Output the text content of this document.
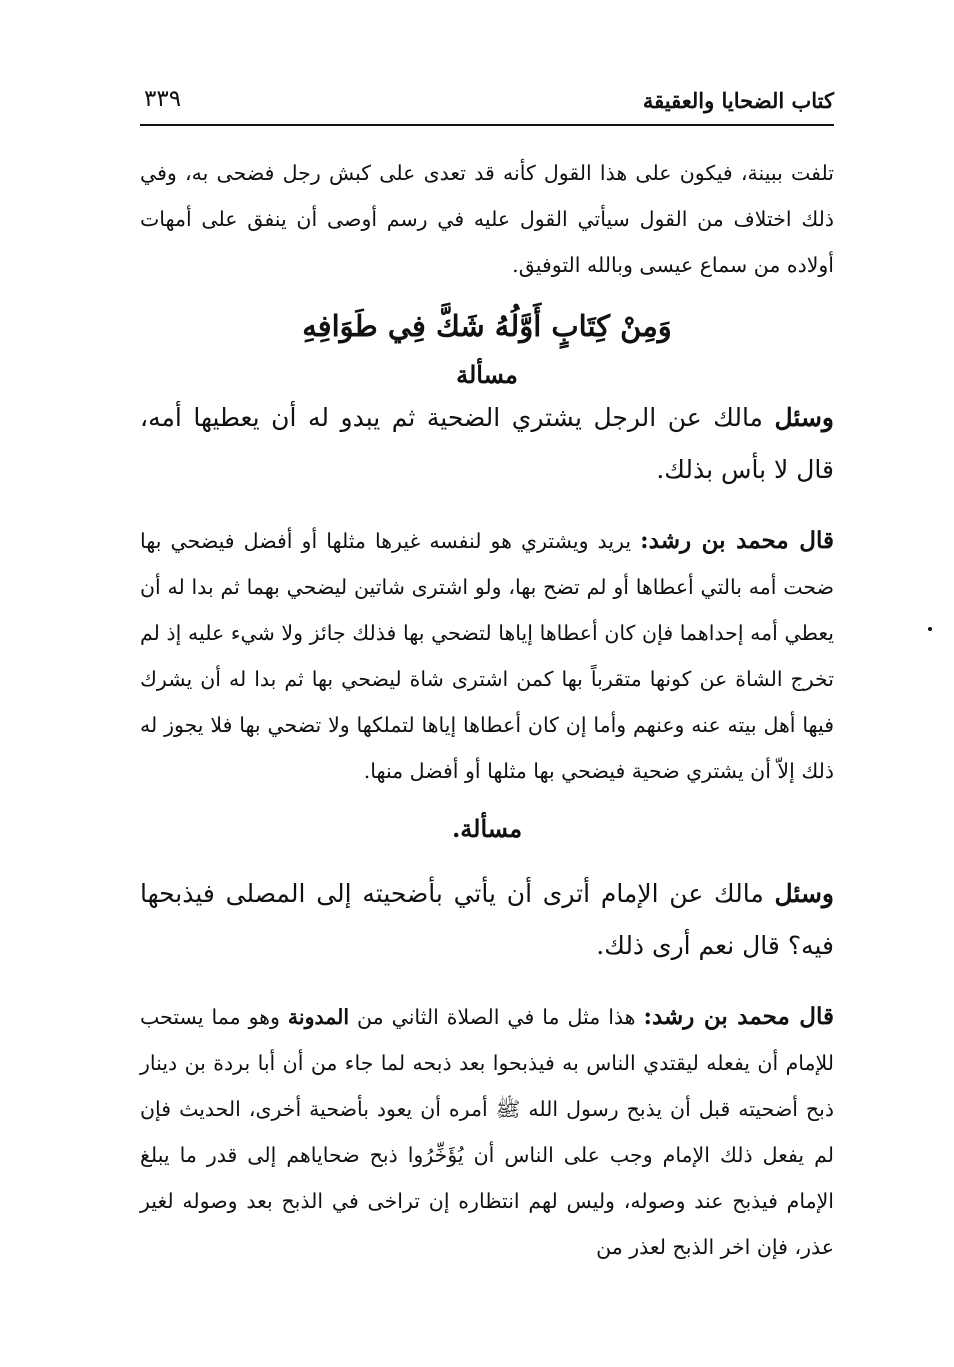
كتاب الضحايا والعقيقة
٣٣٩

تلفت ببينة، فيكون على هذا القول كأنه قد تعدى على كبش رجل فضحى به، وفي ذلك اختلاف من القول سيأتي القول عليه في رسم أوصى أن ينفق على أمهات أولاده من سماع عيسى وبالله التوفيق.

وَمِنْ كِتَابٍ أَوَّلُهُ شَكَّ فِي طَوَافِهِ
مسألة

وسئل مالك عن الرجل يشتري الضحية ثم يبدو له أن يعطيها أمه، قال لا بأس بذلك.

قال محمد بن رشد: يريد ويشتري هو لنفسه غيرها مثلها أو أفضل فيضحي بها ضحت أمه بالتي أعطاها أو لم تضح بها، ولو اشترى شاتين ليضحي بهما ثم بدا له أن يعطي أمه إحداهما فإن كان أعطاها إياها لتضحي بها فذلك جائز ولا شيء عليه إذ لم تخرج الشاة عن كونها متقرباً بها كمن اشترى شاة ليضحي بها ثم بدا له أن يشرك فيها أهل بيته عنه وعنهم وأما إن كان أعطاها إياها لتملكها ولا تضحي بها فلا يجوز له ذلك إلاّ أن يشتري ضحية فيضحي بها مثلها أو أفضل منها.

مسألة.

وسئل مالك عن الإمام أترى أن يأتي بأضحيته إلى المصلى فيذبحها فيه؟ قال نعم أرى ذلك.

قال محمد بن رشد: هذا مثل ما في الصلاة الثاني من المدونة وهو مما يستحب للإمام أن يفعله ليقتدي الناس به فيذبحوا بعد ذبحه لما جاء من أن أبا بردة بن دينار ذبح أضحيته قبل أن يذبح رسول الله ﷺ أمره أن يعود بأضحية أخرى، الحديث فإن لم يفعل ذلك الإمام وجب على الناس أن يُؤَخِّرُوا ذبح ضحاياهم إلى قدر ما يبلغ الإمام فيذبح عند وصوله، وليس لهم انتظاره إن تراخى في الذبح بعد وصوله لغير عذر، فإن اخر الذبح لعذر من
